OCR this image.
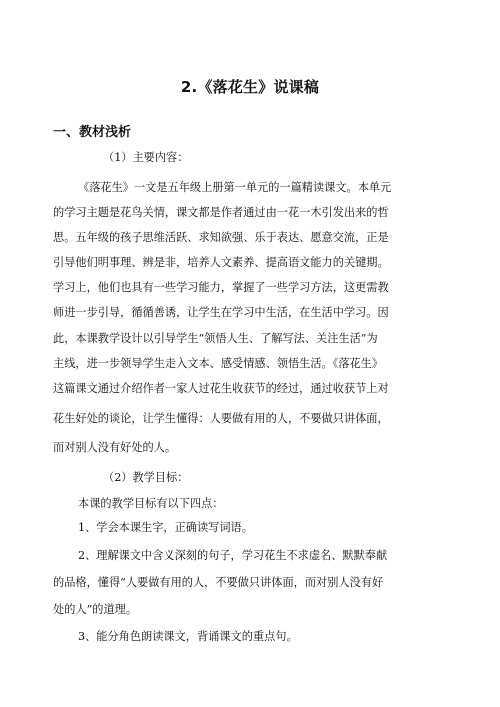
2.《落花生》说课稿
一、教材浅析
（1）主要内容：
《落花生》一文是五年级上册第一单元的一篇精读课文。本单元
的学习主题是花鸟关情，课文都是作者通过由一花一木引发出来的哲
思。五年级的孩子思维活跃、求知欲强、乐于表达、愿意交流，正是
引导他们明事理、辨是非，培养人文素养、提高语文能力的关键期。
学习上，他们也具有一些学习能力，掌握了一些学习方法，这更需教
师进一步引导，循循善诱，让学生在学习中生活，在生活中学习。因
此，本课教学设计以引导学生“领悟人生、了解写法、关注生活”为
主线，进一步领导学生走入文本、感受情感、领悟生活。《落花生》
这篇课文通过介绍作者一家人过花生收获节的经过，通过收获节上对
花生好处的谈论，让学生懂得：人要做有用的人，不要做只讲体面，
而对别人没有好处的人。
（2）教学目标：
本课的教学目标有以下四点：
1、学会本课生字，正确读写词语。
2、理解课文中含义深刻的句子，学习花生不求虚名、默默奉献
的品格，懂得“人要做有用的人，不要做只讲体面，而对别人没有好
处的人”的道理。
3、能分角色朗读课文，背诵课文的重点句。
